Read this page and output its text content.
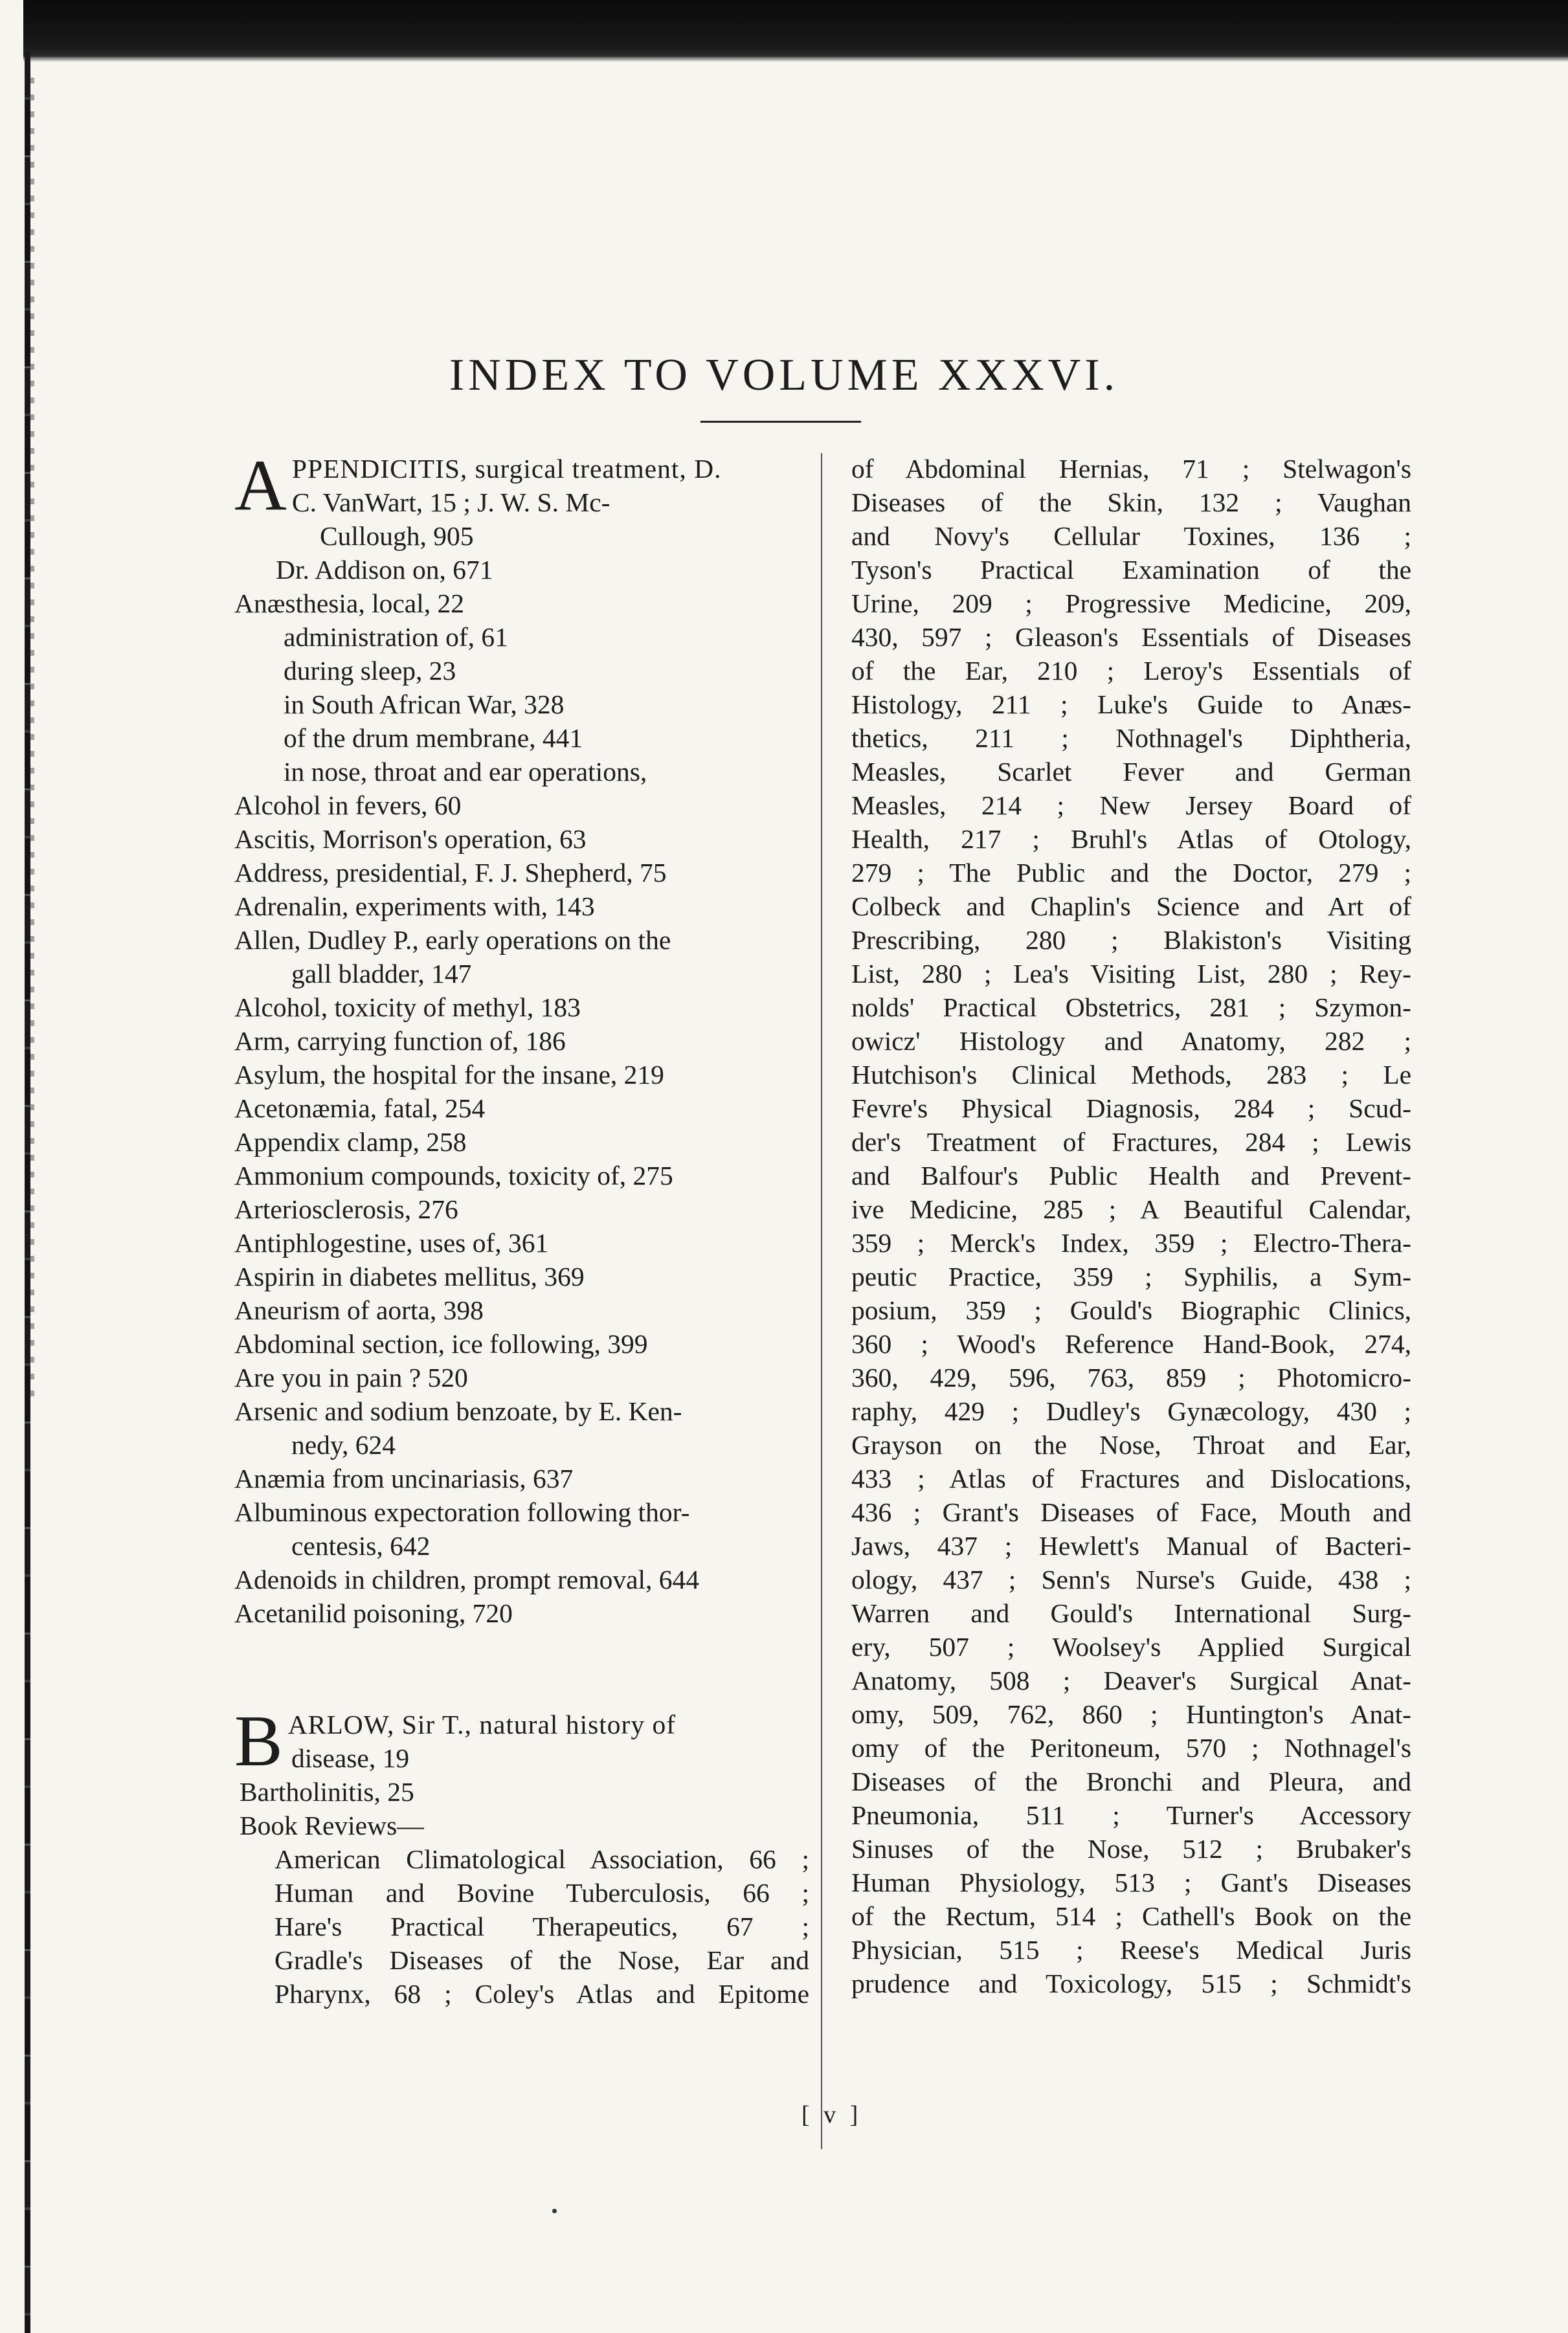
INDEX TO VOLUME XXXVI.
A PPENDICITIS, surgical treatment, D.
C. VanWart, 15 ; J. W. S. Mc-
Cullough, 905
Dr. Addison on, 671
Anæsthesia, local, 22
administration of, 61
during sleep, 23
in South African War, 328
of the drum membrane, 441
in nose, throat and ear operations,
Alcohol in fevers, 60
Ascitis, Morrison's operation, 63
Address, presidential, F. J. Shepherd, 75
Adrenalin, experiments with, 143
Allen, Dudley P., early operations on the
gall bladder, 147
Alcohol, toxicity of methyl, 183
Arm, carrying function of, 186
Asylum, the hospital for the insane, 219
Acetonæmia, fatal, 254
Appendix clamp, 258
Ammonium compounds, toxicity of, 275
Arteriosclerosis, 276
Antiphlogestine, uses of, 361
Aspirin in diabetes mellitus, 369
Aneurism of aorta, 398
Abdominal section, ice following, 399
Are you in pain ? 520
Arsenic and sodium benzoate, by E. Ken-
nedy, 624
Anæmia from uncinariasis, 637
Albuminous expectoration following thor-
centesis, 642
Adenoids in children, prompt removal, 644
Acetanilid poisoning, 720
B ARLOW, Sir T., natural history of
disease, 19
Bartholinitis, 25
Book Reviews—
American Climatological Association, 66 ;
Human and Bovine Tuberculosis, 66 ;
Hare's Practical Therapeutics, 67 ;
Gradle's Diseases of the Nose, Ear and
Pharynx, 68 ; Coley's Atlas and Epitome
of Abdominal Hernias, 71 ; Stelwagon's
Diseases of the Skin, 132 ; Vaughan
and Novy's Cellular Toxines, 136 ;
Tyson's Practical Examination of the
Urine, 209 ; Progressive Medicine, 209,
430, 597 ; Gleason's Essentials of Diseases
of the Ear, 210 ; Leroy's Essentials of
Histology, 211 ; Luke's Guide to Anæs-
thetics, 211 ; Nothnagel's Diphtheria,
Measles, Scarlet Fever and German
Measles, 214 ; New Jersey Board of
Health, 217 ; Bruhl's Atlas of Otology,
279 ; The Public and the Doctor, 279 ;
Colbeck and Chaplin's Science and Art of
Prescribing, 280 ; Blakiston's Visiting
List, 280 ; Lea's Visiting List, 280 ; Rey-
nolds' Practical Obstetrics, 281 ; Szymon-
owicz' Histology and Anatomy, 282 ;
Hutchison's Clinical Methods, 283 ; Le
Fevre's Physical Diagnosis, 284 ; Scud-
der's Treatment of Fractures, 284 ; Lewis
and Balfour's Public Health and Prevent-
ive Medicine, 285 ; A Beautiful Calendar,
359 ; Merck's Index, 359 ; Electro-Thera-
peutic Practice, 359 ; Syphilis, a Sym-
posium, 359 ; Gould's Biographic Clinics,
360 ; Wood's Reference Hand-Book, 274,
360, 429, 596, 763, 859 ; Photomicro-
raphy, 429 ; Dudley's Gynæcology, 430 ;
Grayson on the Nose, Throat and Ear,
433 ; Atlas of Fractures and Dislocations,
436 ; Grant's Diseases of Face, Mouth and
Jaws, 437 ; Hewlett's Manual of Bacteri-
ology, 437 ; Senn's Nurse's Guide, 438 ;
Warren and Gould's International Surg-
ery, 507 ; Woolsey's Applied Surgical
Anatomy, 508 ; Deaver's Surgical Anat-
omy, 509, 762, 860 ; Huntington's Anat-
omy of the Peritoneum, 570 ; Nothnagel's
Diseases of the Bronchi and Pleura, and
Pneumonia, 511 ; Turner's Accessory
Sinuses of the Nose, 512 ; Brubaker's
Human Physiology, 513 ; Gant's Diseases
of the Rectum, 514 ; Cathell's Book on the
Physician, 515 ; Reese's Medical Juris
prudence and Toxicology, 515 ; Schmidt's
[ v ]
